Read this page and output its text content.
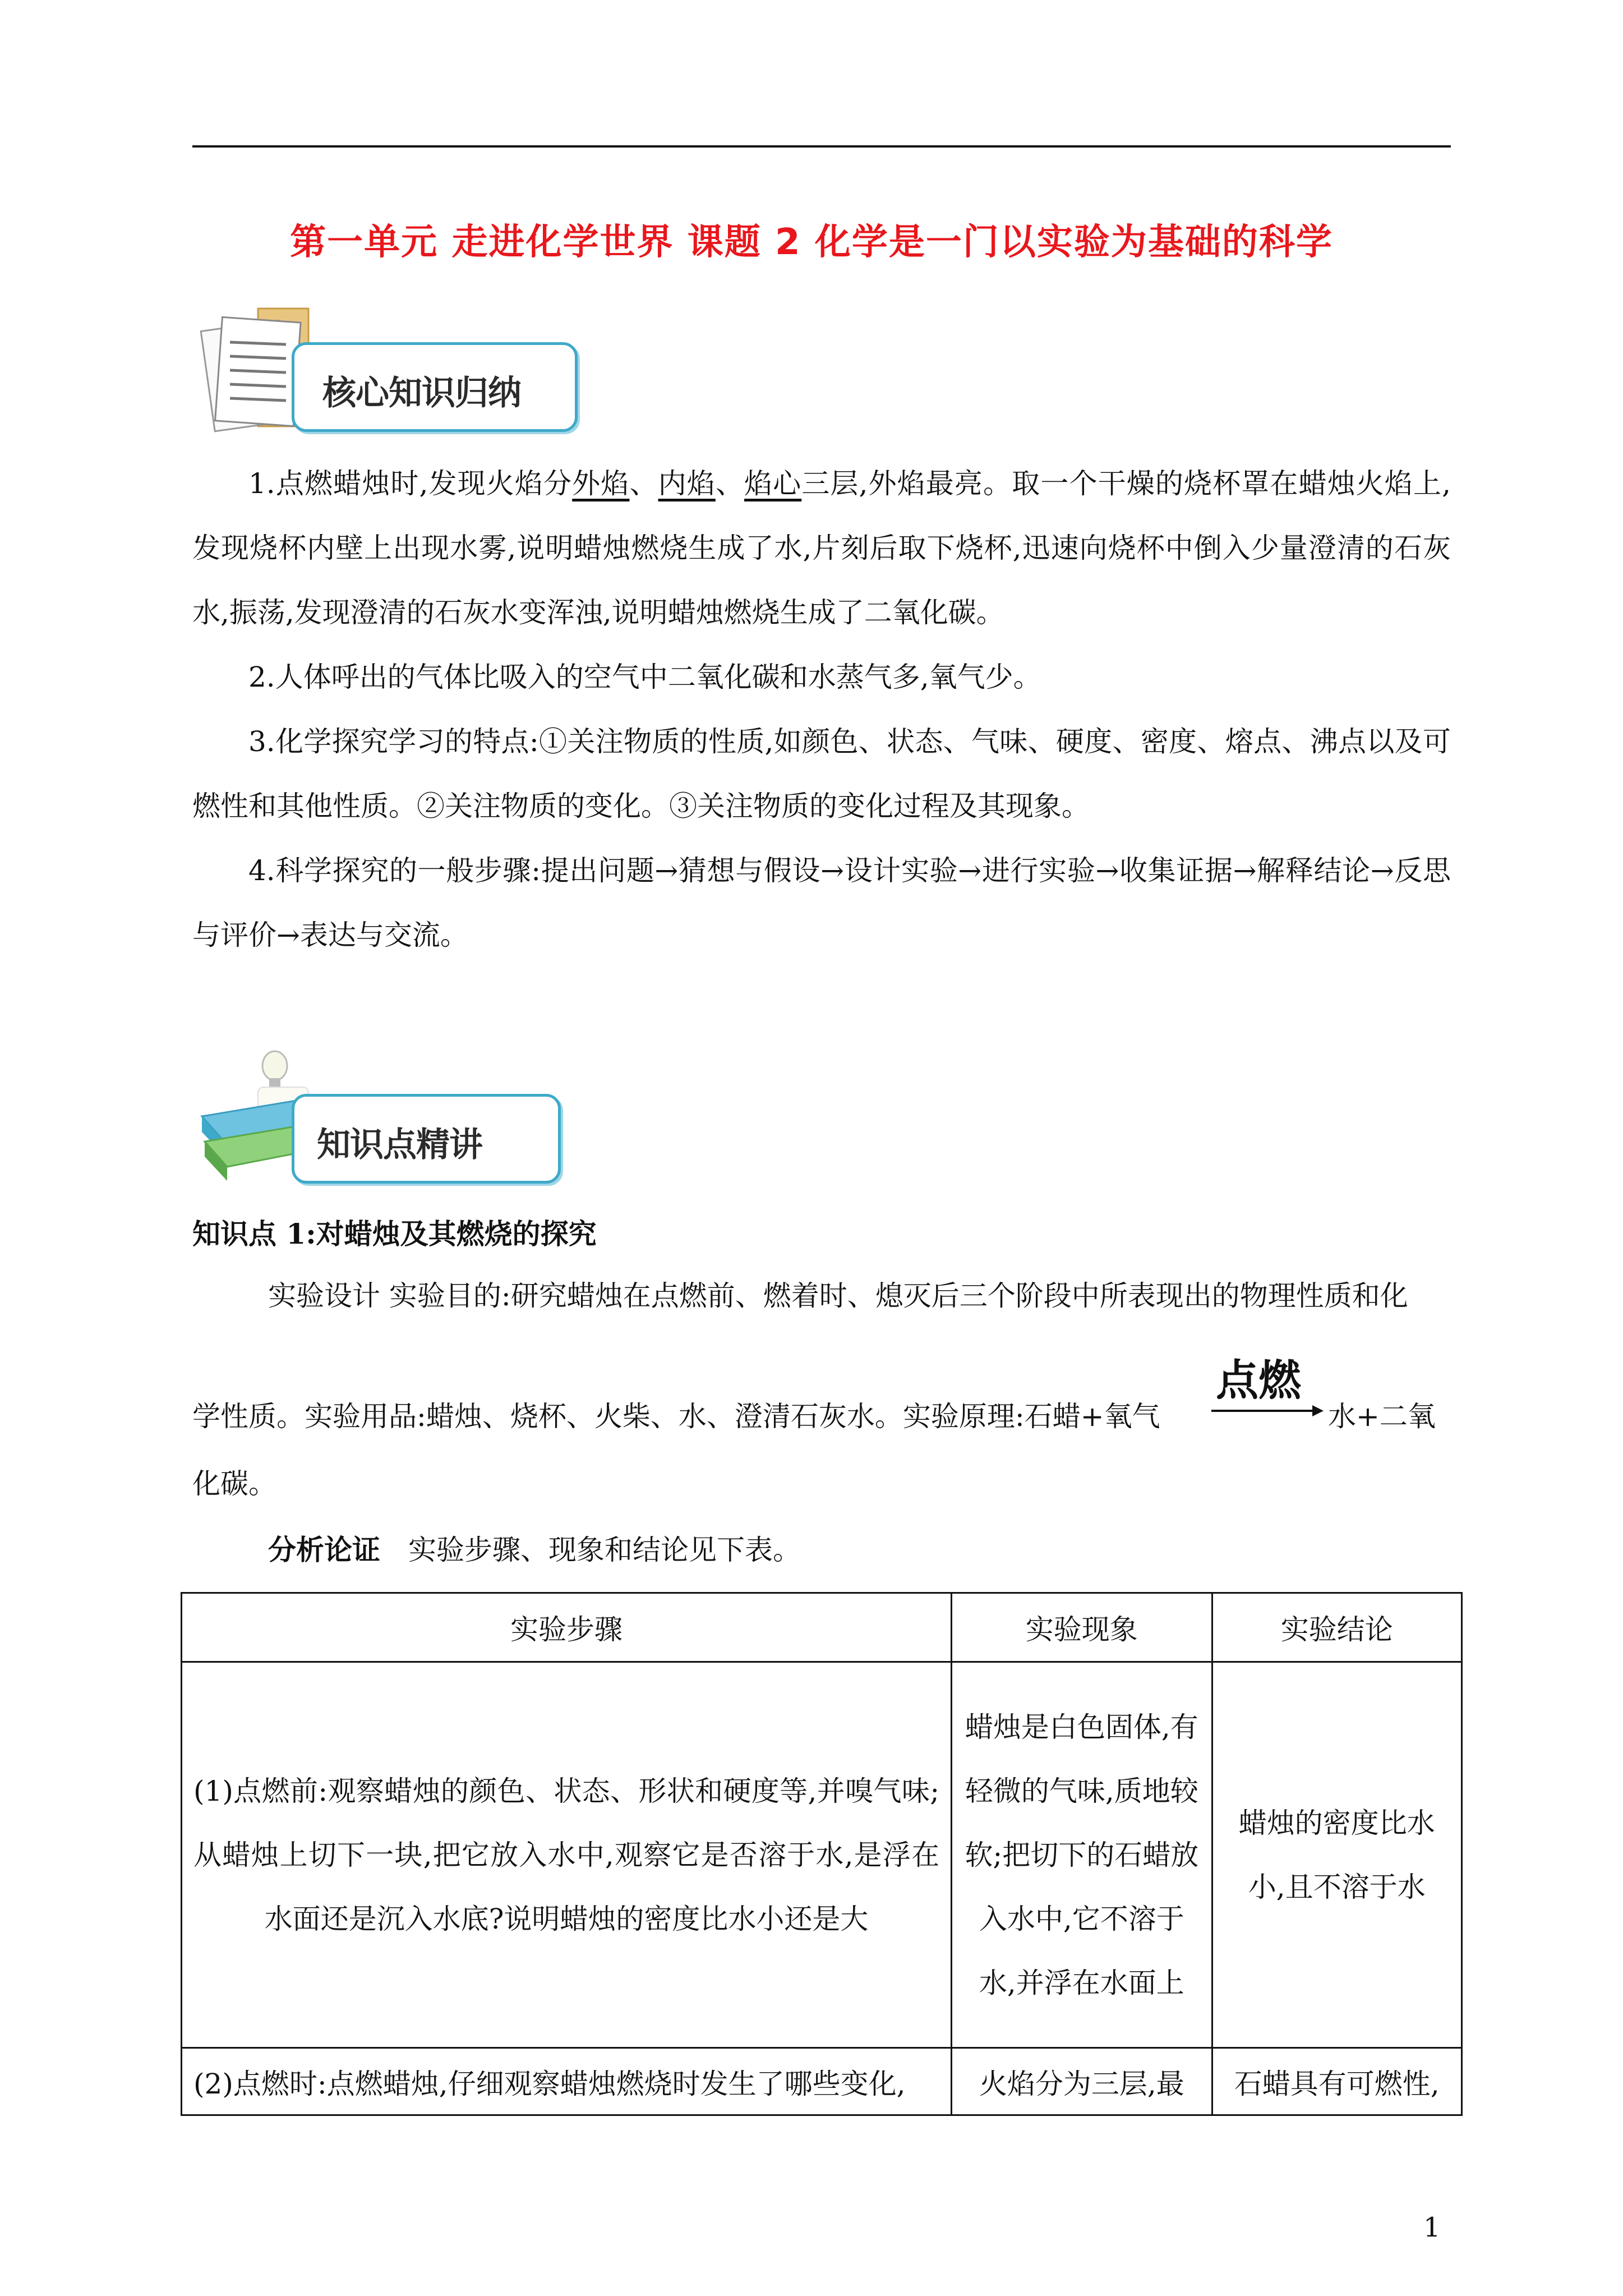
第一单元 走进化学世界 课题 2 化学是一门以实验为基础的科学
核心知识归纳

1.点燃蜡烛时,发现火焰分外焰、内焰、焰心三层,外焰最亮。取一个干燥的烧杯罩在蜡烛火焰上,发现烧杯内壁上出现水雾,说明蜡烛燃烧生成了水,片刻后取下烧杯,迅速向烧杯中倒入少量澄清的石灰水,振荡,发现澄清的石灰水变浑浊,说明蜡烛燃烧生成了二氧化碳。

2.人体呼出的气体比吸入的空气中二氧化碳和水蒸气多,氧气少。

3.化学探究学习的特点:①关注物质的性质,如颜色、状态、气味、硬度、密度、熔点、沸点以及可燃性和其他性质。②关注物质的变化。③关注物质的变化过程及其现象。

4.科学探究的一般步骤:提出问题→猜想与假设→设计实验→进行实验→收集证据→解释结论→反思与评价→表达与交流。

知识点精讲
知识点 1:对蜡烛及其燃烧的探究
实验设计 实验目的:研究蜡烛在点燃前、燃着时、熄灭后三个阶段中所表现出的物理性质和化
学性质。实验用品:蜡烛、烧杯、火柴、水、澄清石灰水。实验原理:石蜡+氧气
点燃
水+二氧
化碳。
分析论证 实验步骤、现象和结论见下表。
实验步骤	实验现象	实验结论
(1)点燃前:观察蜡烛的颜色、状态、形状和硬度等,并嗅气味;从蜡烛上切下一块,把它放入水中,观察它是否溶于水,是浮在水面还是沉入水底?说明蜡烛的密度比水小还是大	蜡烛是白色固体,有轻微的气味,质地较软;把切下的石蜡放入水中,它不溶于水,并浮在水面上	蜡烛的密度比水小,且不溶于水
(2)点燃时:点燃蜡烛,仔细观察蜡烛燃烧时发生了哪些变化,	火焰分为三层,最	石蜡具有可燃性,
1
